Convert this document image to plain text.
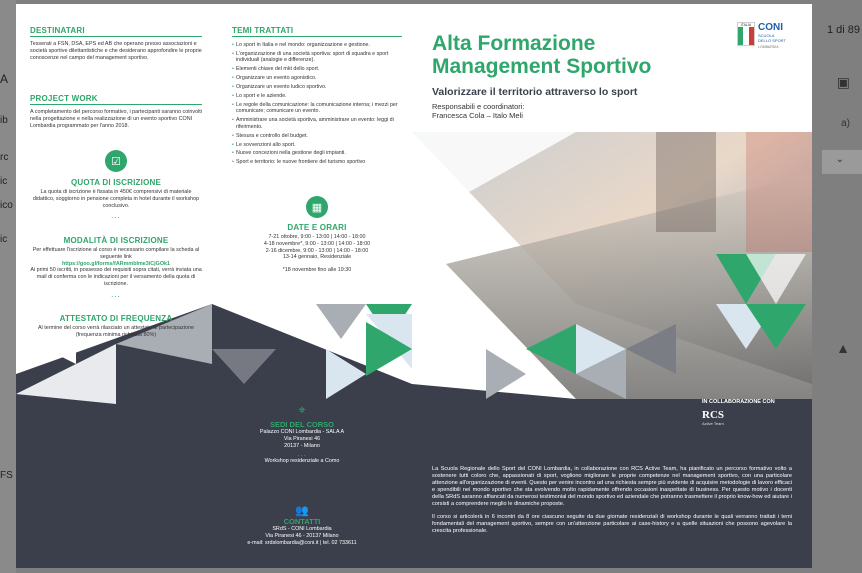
A
ib
rc
ic
ico
ic
FS
1 di 89
⌄
▣
a)
▲
DESTINATARI
Tesserati a FSN, DSA, EPS ed AB che operano presso associazioni e società sportive dilettantistiche e che desiderano approfondire le proprie conoscenze nel campo del management sportivo.
PROJECT WORK
A completamento del percorso formativo, i partecipanti saranno coinvolti nella progettazione e nella realizzazione di un evento sportivo CONI Lombardia programmato per l'anno 2018.
☑
QUOTA DI ISCRIZIONE
La quota di iscrizione è fissata in 450€ comprensivi di materiale didattico, soggiorno in pensione completa in hotel durante il workshop conclusivo.
...
MODALITÀ DI ISCRIZIONE
Per effettuare l'iscrizione al corso è necessario compilare la scheda al seguente link
https://goo.gl/forms/fARmmbIme3iCjGOk1
Ai primi 50 iscritti, in possesso dei requisiti sopra citati, verrà inviata una mail di conferma con le indicazioni per il versamento della quota di iscrizione.
...
ATTESTATO DI FREQUENZA
Al termine del corso verrà rilasciato un attestato di partecipazione (frequenza minima richiesta 80%)
TEMI TRATTATI
• Lo sport in Italia e nel mondo: organizzazione e gestione.
• L'organizzazione di una società sportiva: sport di squadra e sport individuali (analogie e differenze).
• Elementi chiave del mkt dello sport.
• Organizzare un evento agonistico.
• Organizzare un evento ludico sportivo.
• Lo sport e le aziende.
• Le regole della comunicazione: la comunicazione interna; i mezzi per comunicare; comunicare un evento.
• Amministrare una società sportiva, amministrare un evento: leggi di riferimento.
• Stesura e controllo del budget.
• Le sovvenzioni allo sport.
• Nuove concezioni nella gestione degli impianti.
• Sport e territorio: le nuove frontiere del turismo sportivo
▦
DATE E ORARI
7-21 ottobre, 9:00 - 13:00 | 14:00 - 18:00
4-18 novembre*, 9:00 - 13:00 | 14:00 - 18:00
2-16 dicembre, 9:00 - 13:00 | 14:00 - 18:00
13-14 gennaio, Residenziale
*18 novembre fino alle 19:30
⌖
SEDI DEL CORSO
Palazzo CONI Lombardia - SALA A
Via Piranesi 46
20137 - Milano
...
Workshop residenziale a Como
👥
CONTATTI
SRdS - CONI Lombardia
Via Piranesi 46 - 20137 Milano
e-mail: srdslombardia@coni.it | tel. 02 733611
Alta Formazione
Management Sportivo
Valorizzare il territorio attraverso lo sport
Responsabili e coordinatori:
Francesca Cola – Italo Meli
ITALIA CONI
SCUOLA
DELLO SPORT
LOMBARDIA
IN COLLABORAZIONE CON
RCS
Active Team
La Scuola Regionale dello Sport del CONI Lombardia, in collaborazione con RCS Active Team, ha pianificato un percorso formativo volto a sostenere tutti coloro che, appassionati di sport, vogliono migliorare le proprie competenze nel management sportivo, con una particolare attenzione all'organizzazione di eventi. Questo per venire incontro ad una richiesta sempre più evidente di acquisire metodologie di lavoro efficaci e spendibili nel mondo sportivo che sta evolvendo molto rapidamente offrendo occasioni inaspettate di business. Per questo motivo i docenti della SRdS saranno affiancati da numerosi testimonial del mondo sportivo ed aziendale che potranno trasmettere il proprio know-how ed aiutare i corsisti a comprendere meglio le dinamiche proposte.
Il corso si articolerà in 6 incontri da 8 ore ciascuno seguite da due giornate residenziali di workshop durante le quali verranno trattati i temi fondamentali del management sportivo, sempre con un'attenzione particolare ai case-history e a quelle situazioni che possono agevolare la crescita professionale.
